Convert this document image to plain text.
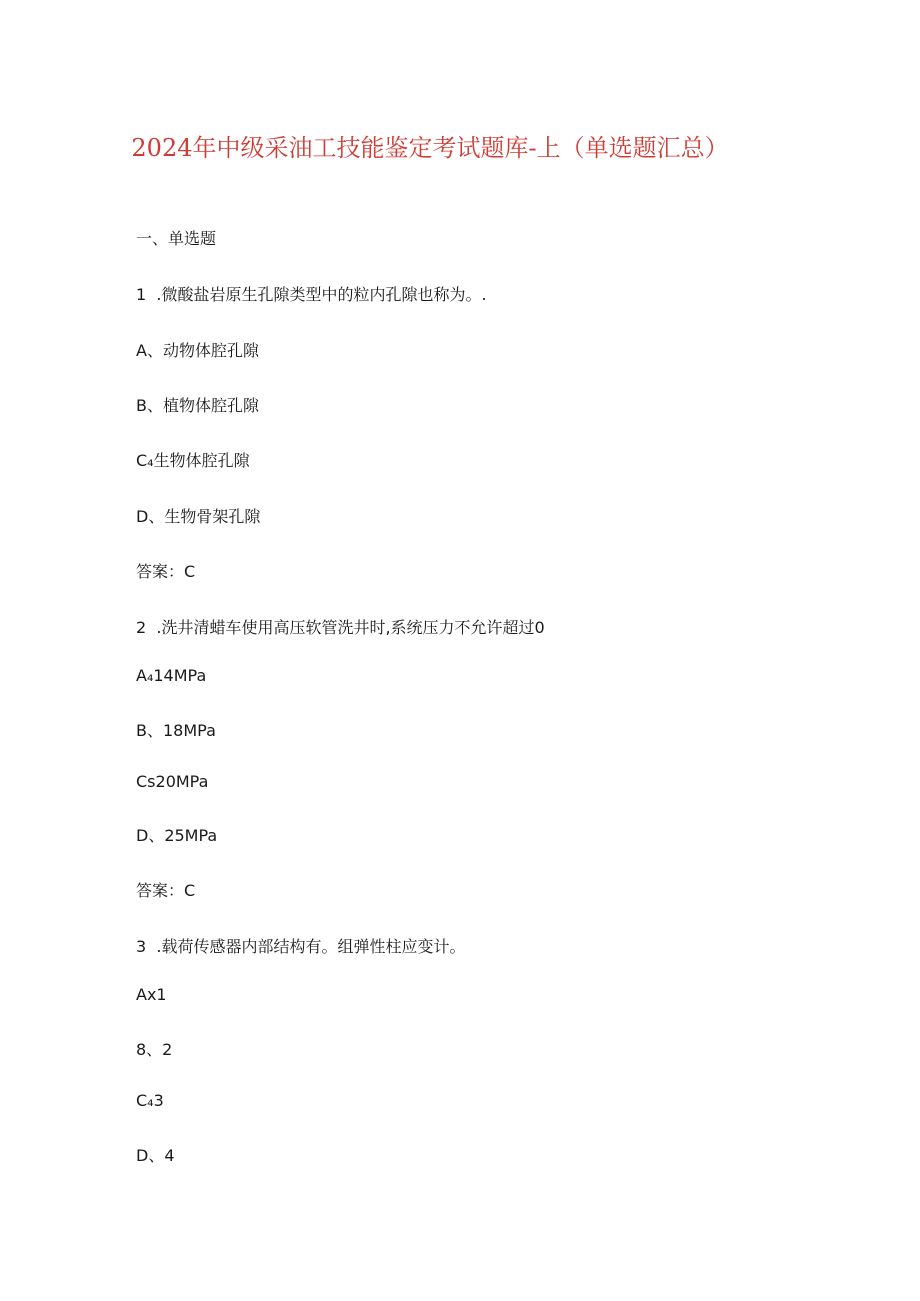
2024年中级采油工技能鉴定考试题库-上（单选题汇总）
一、单选题
1  .微酸盐岩原生孔隙类型中的粒内孔隙也称为。.
A、动物体腔孔隙
B、植物体腔孔隙
C₄生物体腔孔隙
D、生物骨架孔隙
答案：C
2  .洗井清蜡车使用高压软管洗井时,系统压力不允许超过0
A₄14MPa
B、18MPa
Cs20MPa
D、25MPa
答案：C
3  .载荷传感器内部结构有。组弹性柱应变计。
Ax1
8、2
C₄3
D、4
